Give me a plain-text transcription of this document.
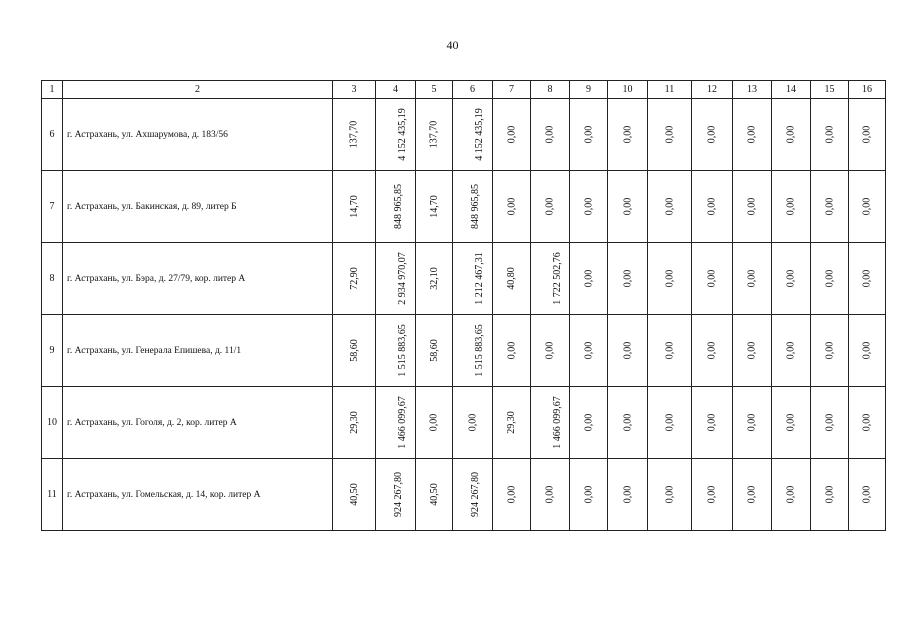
40
1	2	3	4	5	6	7	8	9	10	11	12	13	14	15	16
6	г. Астрахань, ул. Ахшарумова, д. 183/56	137,70	4 152 435,19	137,70	4 152 435,19	0,00	0,00	0,00	0,00	0,00	0,00	0,00	0,00	0,00	0,00
7	г. Астрахань, ул. Бакинская, д. 89, литер Б	14,70	848 965,85	14,70	848 965,85	0,00	0,00	0,00	0,00	0,00	0,00	0,00	0,00	0,00	0,00
8	г. Астрахань, ул. Бэра, д. 27/79, кор. литер А	72,90	2 934 970,07	32,10	1 212 467,31	40,80	1 722 502,76	0,00	0,00	0,00	0,00	0,00	0,00	0,00	0,00
9	г. Астрахань, ул. Генерала Епишева, д. 11/1	58,60	1 515 883,65	58,60	1 515 883,65	0,00	0,00	0,00	0,00	0,00	0,00	0,00	0,00	0,00	0,00
10	г. Астрахань, ул. Гоголя, д. 2, кор. литер А	29,30	1 466 099,67	0,00	0,00	29,30	1 466 099,67	0,00	0,00	0,00	0,00	0,00	0,00	0,00	0,00
11	г. Астрахань, ул. Гомельская, д. 14, кор. литер А	40,50	924 267,80	40,50	924 267,80	0,00	0,00	0,00	0,00	0,00	0,00	0,00	0,00	0,00	0,00
